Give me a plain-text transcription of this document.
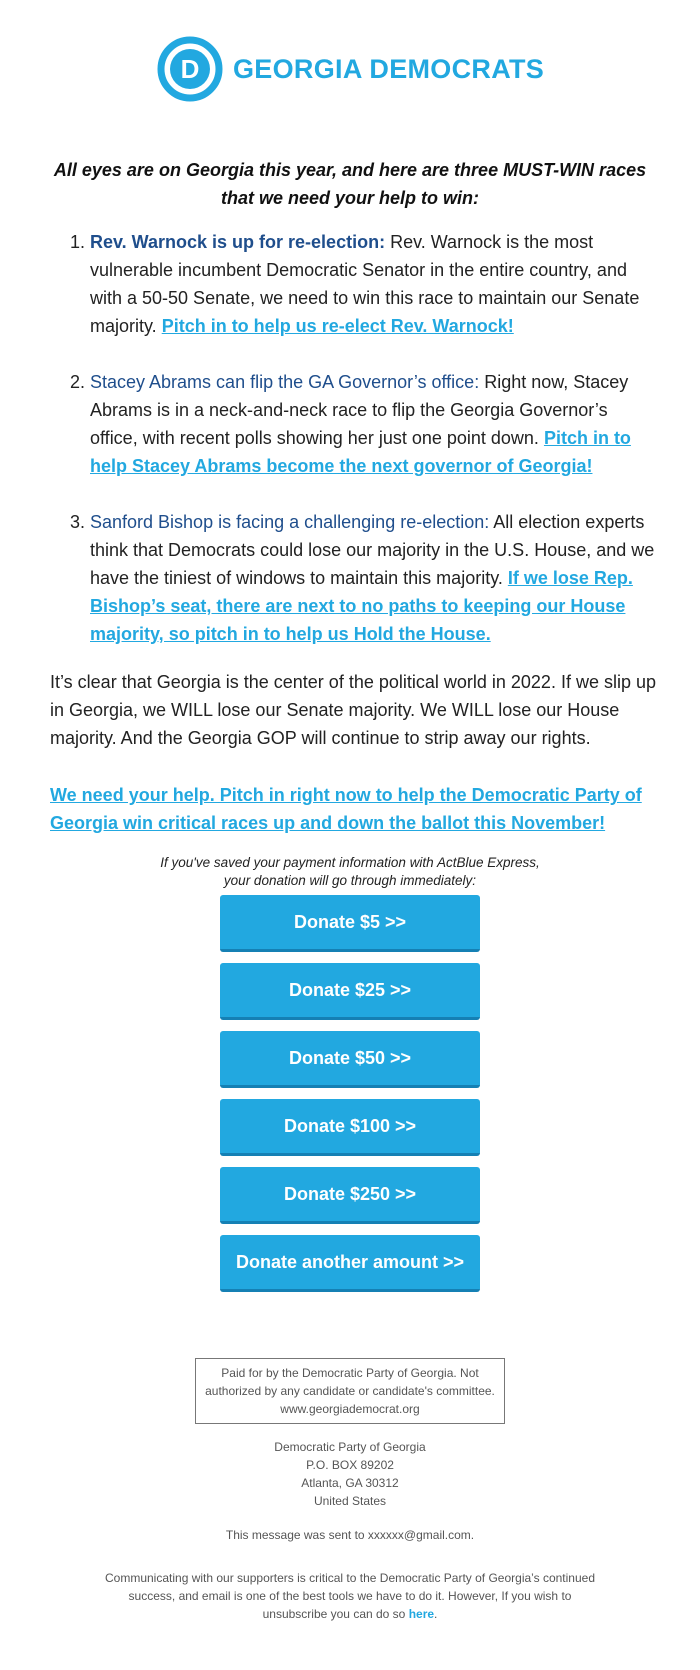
D GEORGIA DEMOCRATS

All eyes are on Georgia this year, and here are three MUST-WIN races that we need your help to win:

1. Rev. Warnock is up for re-election: Rev. Warnock is the most vulnerable incumbent Democratic Senator in the entire country, and with a 50-50 Senate, we need to win this race to maintain our Senate majority. Pitch in to help us re-elect Rev. Warnock!
2. Stacey Abrams can flip the GA Governor’s office: Right now, Stacey Abrams is in a neck-and-neck race to flip the Georgia Governor’s office, with recent polls showing her just one point down. Pitch in to help Stacey Abrams become the next governor of Georgia!
3. Sanford Bishop is facing a challenging re-election: All election experts think that Democrats could lose our majority in the U.S. House, and we have the tiniest of windows to maintain this majority. If we lose Rep. Bishop’s seat, there are next to no paths to keeping our House majority, so pitch in to help us Hold the House.

It’s clear that Georgia is the center of the political world in 2022. If we slip up in Georgia, we WILL lose our Senate majority. We WILL lose our House majority. And the Georgia GOP will continue to strip away our rights.

We need your help. Pitch in right now to help the Democratic Party of Georgia win critical races up and down the ballot this November!

If you've saved your payment information with ActBlue Express,
your donation will go through immediately:
Donate $5 >>
Donate $25 >>
Donate $50 >>
Donate $100 >>
Donate $250 >>
Donate another amount >>
Paid for by the Democratic Party of Georgia. Not authorized by any candidate or candidate's committee. www.georgiademocrat.org
Democratic Party of Georgia
P.O. BOX 89202
Atlanta, GA 30312
United States

This message was sent to xxxxxx@gmail.com.

Communicating with our supporters is critical to the Democratic Party of Georgia’s continued success, and email is one of the best tools we have to do it. However, If you wish to unsubscribe you can do so here.
